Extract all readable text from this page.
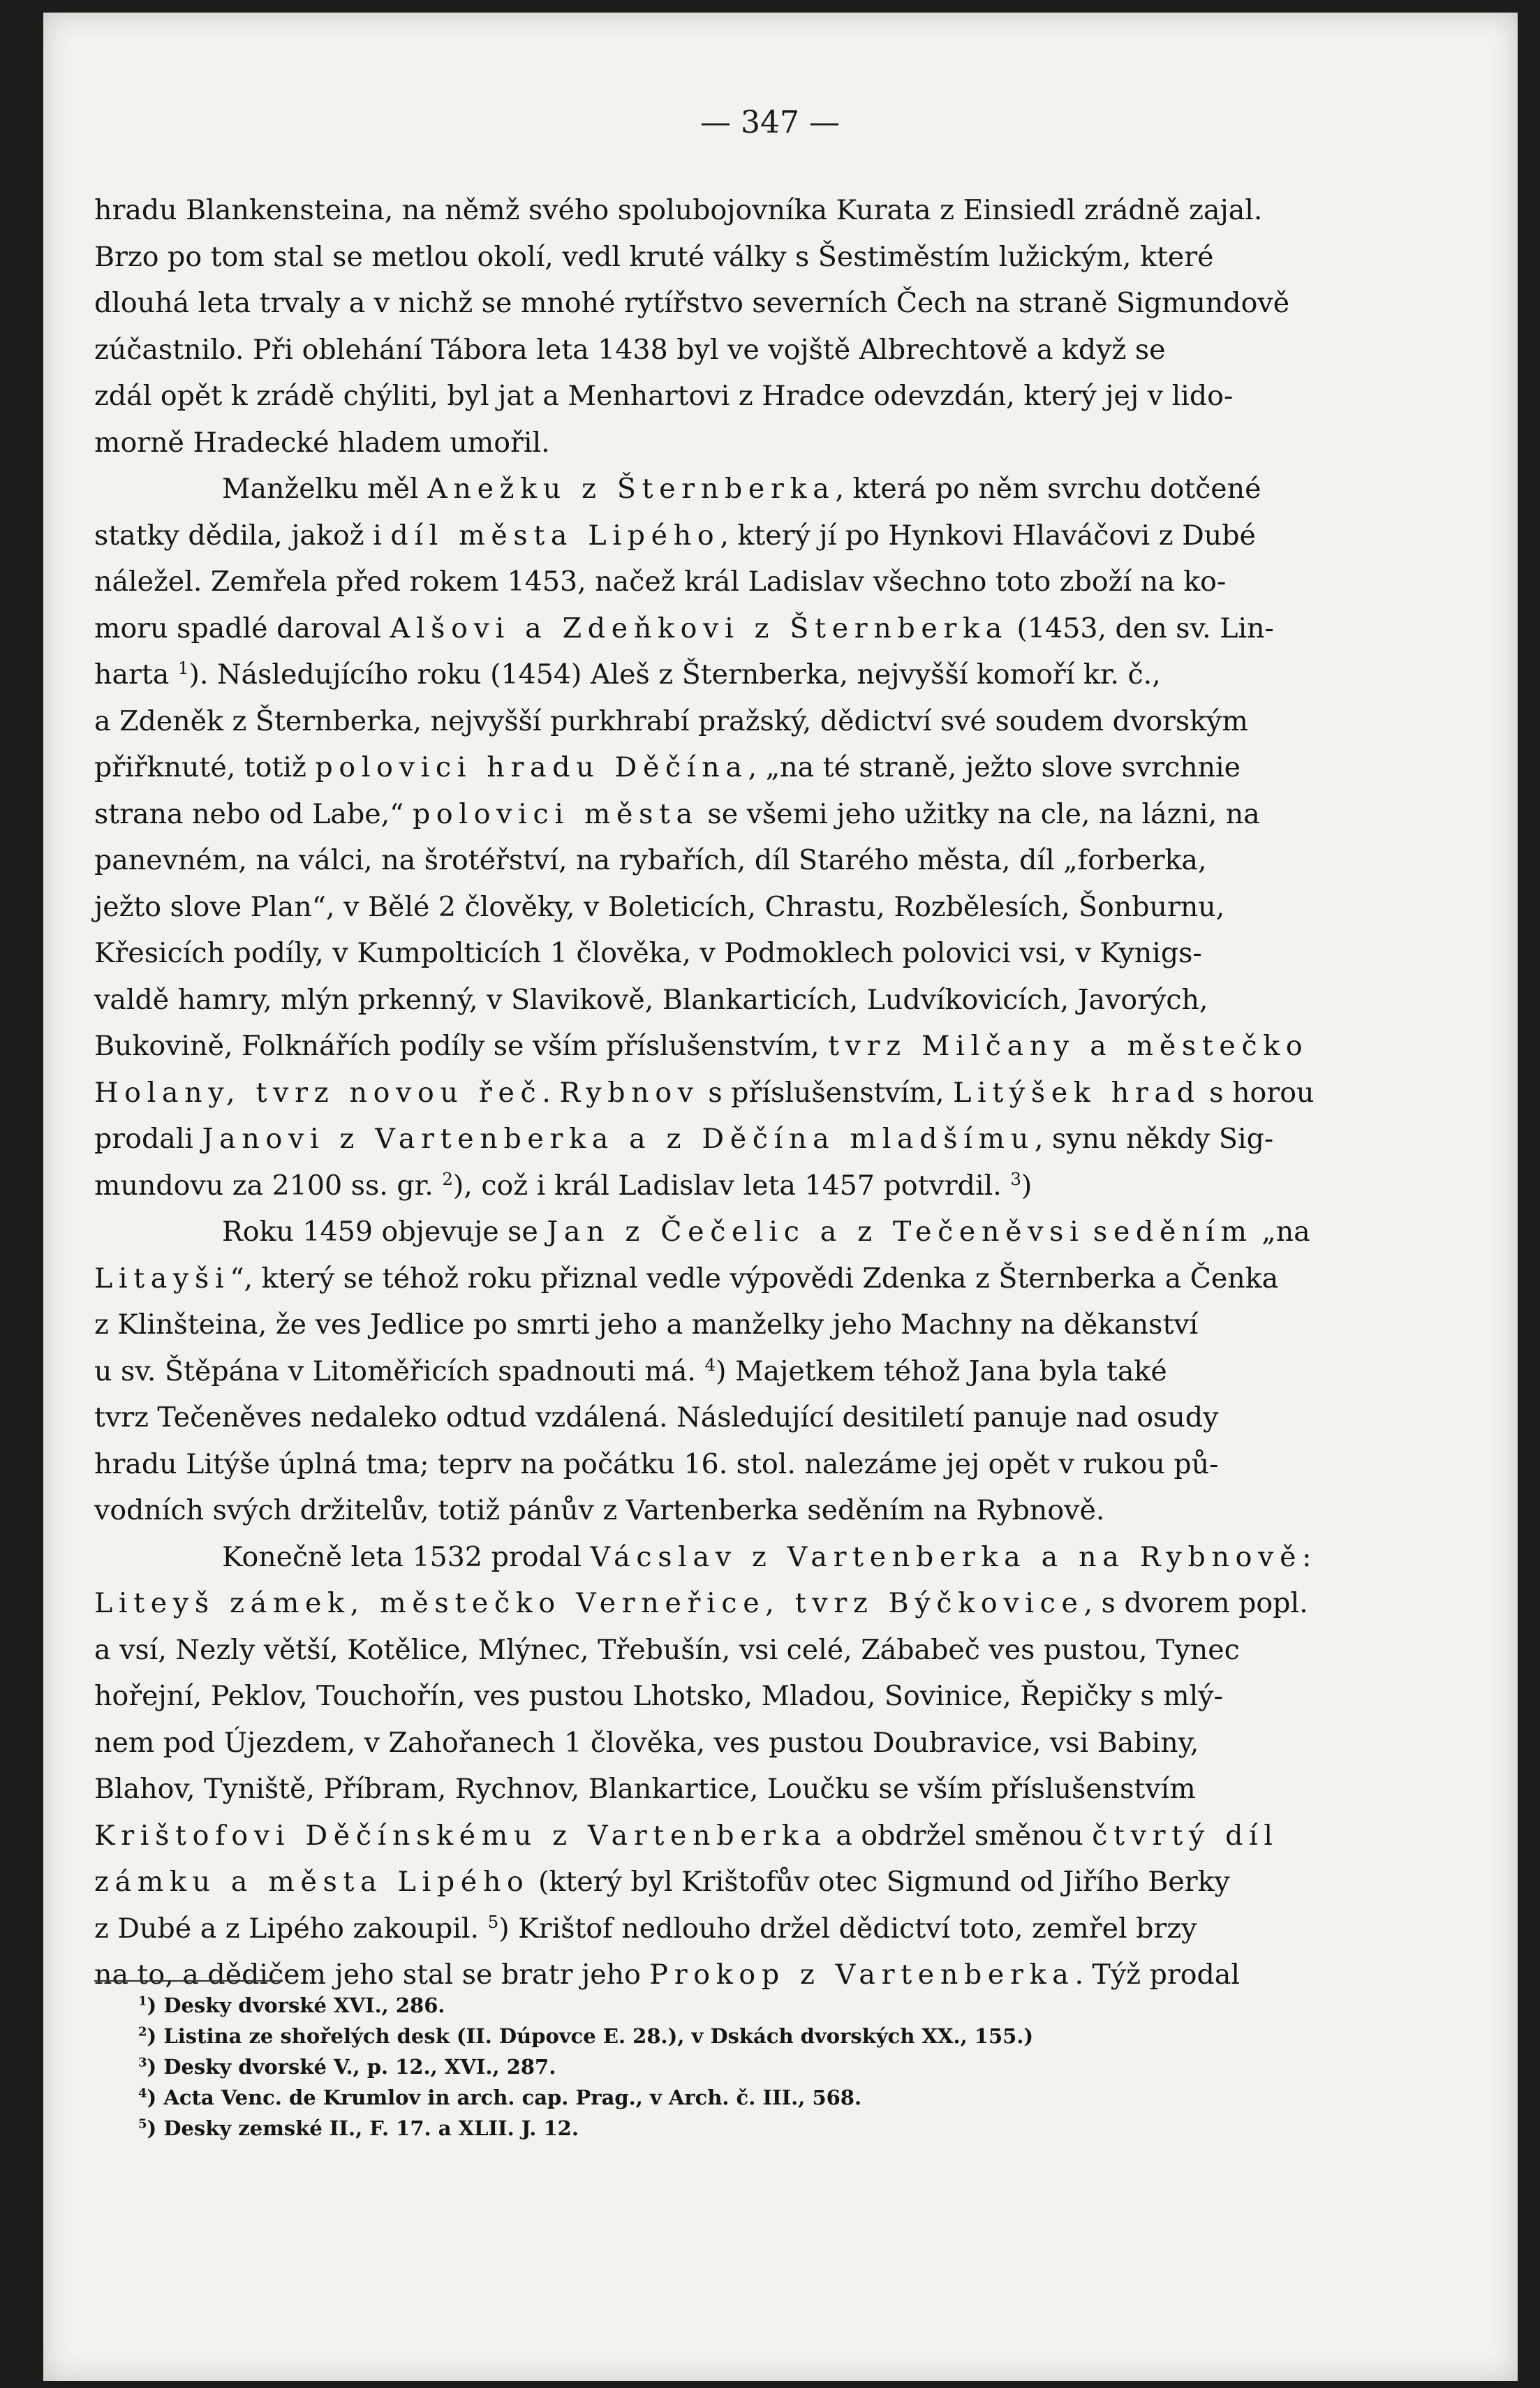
— 347 —

hradu Blankensteina, na němž svého spolubojovníka Kurata z Einsiedl zrádně zajal.
Brzo po tom stal se metlou okolí, vedl kruté války s Šestiměstím lužickým, které
dlouhá leta trvaly a v nichž se mnohé rytířstvo severních Čech na straně Sigmundově
zúčastnilo. Při oblehání Tábora leta 1438 byl ve vojště Albrechtově a když se
zdál opět k zrádě chýliti, byl jat a Menhartovi z Hradce odevzdán, který jej v lido-
morně Hradecké hladem umořil.

Manželku měl Anežku z Šternberka, která po něm svrchu dotčené
statky dědila, jakož i díl města Lipého, který jí po Hynkovi Hlaváčovi z Dubé
náležel. Zemřela před rokem 1453, načež král Ladislav všechno toto zboží na ko-
moru spadlé daroval Alšovi a Zdeňkovi z Šternberka (1453, den sv. Lin-
harta $^1$). Následujícího roku (1454) Aleš z Šternberka, nejvyšší komoří kr. č.,
a Zdeněk z Šternberka, nejvyšší purkhrabí pražský, dědictví své soudem dvorským
přiřknuté, totiž polovici hradu Děčína, „na té straně, ježto slove svrchnie
strana nebo od Labe,“ polovici města se všemi jeho užitky na cle, na lázni, na
panevném, na válci, na šrotéřství, na rybařích, díl Starého města, díl „forberka,
ježto slove Plan“, v Bělé 2 člověky, v Boleticích, Chrastu, Rozbělesích, Šonburnu,
Křesicích podíly, v Kumpolticích 1 člověka, v Podmoklech polovici vsi, v Kynigs-
valdě hamry, mlýn prkenný, v Slavikově, Blankarticích, Ludvíkovicích, Javorých,
Bukovině, Folknářích podíly se vším příslušenstvím, tvrz Milčany a městečko
Holany, tvrz novou řeč. Rybnov s příslušenstvím, Litýšek hrad s horou
prodali Janovi z Vartenberka a z Děčína mladšímu, synu někdy Sig-
mundovu za 2100 ss. gr. $^2$), což i král Ladislav leta 1457 potvrdil. $^3$)

Roku 1459 objevuje se Jan z Čečelic a z Tečeněvsi seděním „na
Litayši“, který se téhož roku přiznal vedle výpovědi Zdenka z Šternberka a Čenka
z Klinšteina, že ves Jedlice po smrti jeho a manželky jeho Machny na děkanství
u sv. Štěpána v Litoměřicích spadnouti má. $^4$) Majetkem téhož Jana byla také
tvrz Tečeněves nedaleko odtud vzdálená. Následující desitiletí panuje nad osudy
hradu Litýše úplná tma; teprv na počátku 16. stol. nalezáme jej opět v rukou pů-
vodních svých držitelův, totiž pánův z Vartenberka seděním na Rybnově.

Konečně leta 1532 prodal Vácslav z Vartenberka a na Rybnově:
Liteyš zámek, městečko Verneřice, tvrz Býčkovice, s dvorem popl.
a vsí, Nezly větší, Kotělice, Mlýnec, Třebušín, vsi celé, Zábabeč ves pustou, Tynec
hořejní, Peklov, Touchořín, ves pustou Lhotsko, Mladou, Sovinice, Řepičky s mlý-
nem pod Újezdem, v Zahořanech 1 člověka, ves pustou Doubravice, vsi Babiny,
Blahov, Tyniště, Příbram, Rychnov, Blankartice, Loučku se vším příslušenstvím
Krištofovi Děčínskému z Vartenberka a obdržel směnou čtvrtý díl
zámku a města Lipého (který byl Krištofův otec Sigmund od Jiřího Berky
z Dubé a z Lipého zakoupil. $^5$) Krištof nedlouho držel dědictví toto, zemřel brzy
na to, a dědičem jeho stal se bratr jeho Prokop z Vartenberka. Týž prodal

$^1$) Desky dvorské XVI., 286.
$^2$) Listina ze shořelých desk (II. Dúpovce E. 28.), v Dskách dvorských XX., 155.)
$^3$) Desky dvorské V., p. 12., XVI., 287.
$^4$) Acta Venc. de Krumlov in arch. cap. Prag., v Arch. č. III., 568.
$^5$) Desky zemské II., F. 17. a XLII. J. 12.
